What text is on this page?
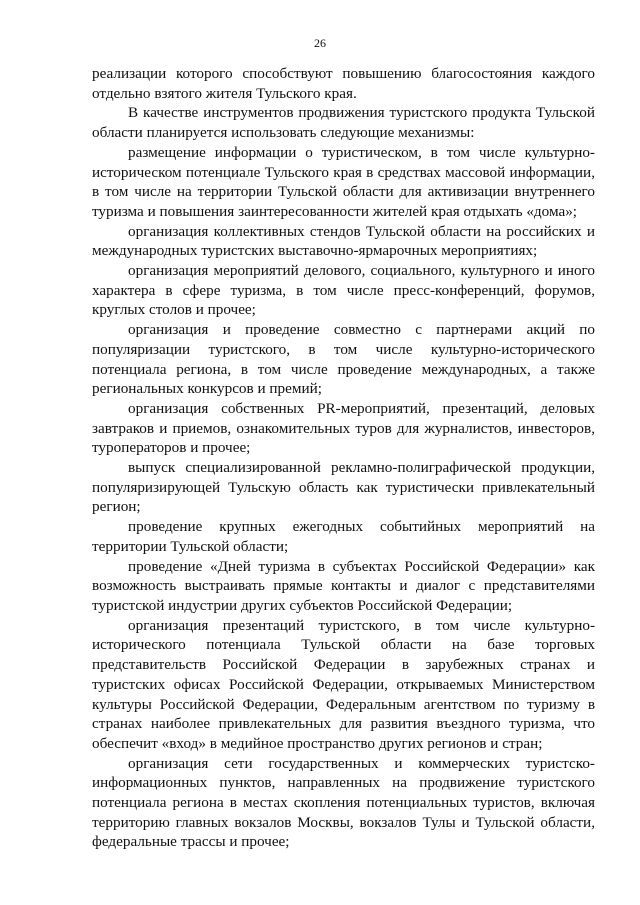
26

реализации которого способствуют повышению благосостояния каждого отдельно взятого жителя Тульского края.

В качестве инструментов продвижения туристского продукта Тульской области планируется использовать следующие механизмы:

размещение информации о туристическом, в том числе культурно-историческом потенциале Тульского края в средствах массовой информации, в том числе на территории Тульской области для активизации внутреннего туризма и повышения заинтересованности жителей края отдыхать «дома»;

организация коллективных стендов Тульской области на российских и международных туристских выставочно-ярмарочных мероприятиях;

организация мероприятий делового, социального, культурного и иного характера в сфере туризма, в том числе пресс-конференций, форумов, круглых столов и прочее;

организация и проведение совместно с партнерами акций по популяризации туристского, в том числе культурно-исторического потенциала региона, в том числе проведение международных, а также региональных конкурсов и премий;

организация собственных PR-мероприятий, презентаций, деловых завтраков и приемов, ознакомительных туров для журналистов, инвесторов, туроператоров и прочее;

выпуск специализированной рекламно-полиграфической продукции, популяризирующей Тульскую область как туристически привлекательный регион;

проведение крупных ежегодных событийных мероприятий на территории Тульской области;

проведение «Дней туризма в субъектах Российской Федерации» как возможность выстраивать прямые контакты и диалог с представителями туристской индустрии других субъектов Российской Федерации;

организация презентаций туристского, в том числе культурно-исторического потенциала Тульской области на базе торговых представительств Российской Федерации в зарубежных странах и туристских офисах Российской Федерации, открываемых Министерством культуры Российской Федерации, Федеральным агентством по туризму в странах наиболее привлекательных для развития въездного туризма, что обеспечит «вход» в медийное пространство других регионов и стран;

организация сети государственных и коммерческих туристско-информационных пунктов, направленных на продвижение туристского потенциала региона в местах скопления потенциальных туристов, включая территорию главных вокзалов Москвы, вокзалов Тулы и Тульской области, федеральные трассы и прочее;
